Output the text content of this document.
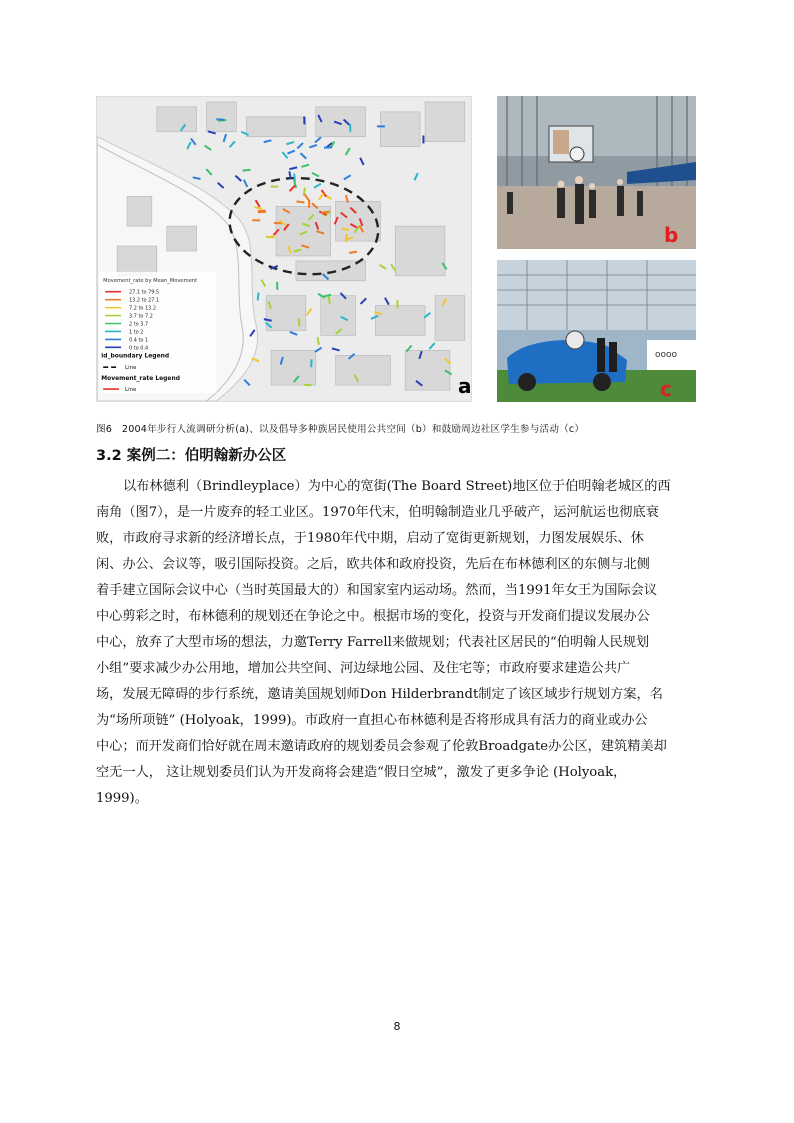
Movement_rate by Mean_Movement
27.1 to 79.5
13.2 to 27.1
7.2 to 13.2
3.7 to 7.2
2 to 3.7
1 to 2
0.4 to 1
0 to 0.4
id_boundary Legend
Line
Movement_rate Legend
Line	a
b
oooo
c
图6　2004年步行人流调研分析(a)、以及倡导多种族居民使用公共空间（b）和鼓励周边社区学生参与活动（c）
3.2 案例二：伯明翰新办公区
以布林德利（Brindleyplace）为中心的宽街(The Board Street)地区位于伯明翰老城区的西
南角（图7），是一片废弃的轻工业区。1970年代末，伯明翰制造业几乎破产，运河航运也彻底衰
败，市政府寻求新的经济增长点，于1980年代中期，启动了宽街更新规划，力图发展娱乐、休
闲、办公、会议等，吸引国际投资。之后，欧共体和政府投资，先后在布林德利区的东侧与北侧
着手建立国际会议中心（当时英国最大的）和国家室内运动场。然而，当1991年女王为国际会议
中心剪彩之时，布林德利的规划还在争论之中。根据市场的变化，投资与开发商们提议发展办公
中心，放弃了大型市场的想法，力邀Terry Farrell来做规划；代表社区居民的“伯明翰人民规划
小组”要求减少办公用地，增加公共空间、河边绿地公园、及住宅等；市政府要求建造公共广
场，发展无障碍的步行系统，邀请美国规划师Don Hilderbrandt制定了该区域步行规划方案，名
为“场所项链” (Holyoak，1999)。市政府一直担心布林德利是否将形成具有活力的商业或办公
中心；而开发商们恰好就在周末邀请政府的规划委员会参观了伦敦Broadgate办公区，建筑精美却
空无一人， 这让规划委员们认为开发商将会建造“假日空城”，激发了更多争论 (Holyoak，
1999)。
8
